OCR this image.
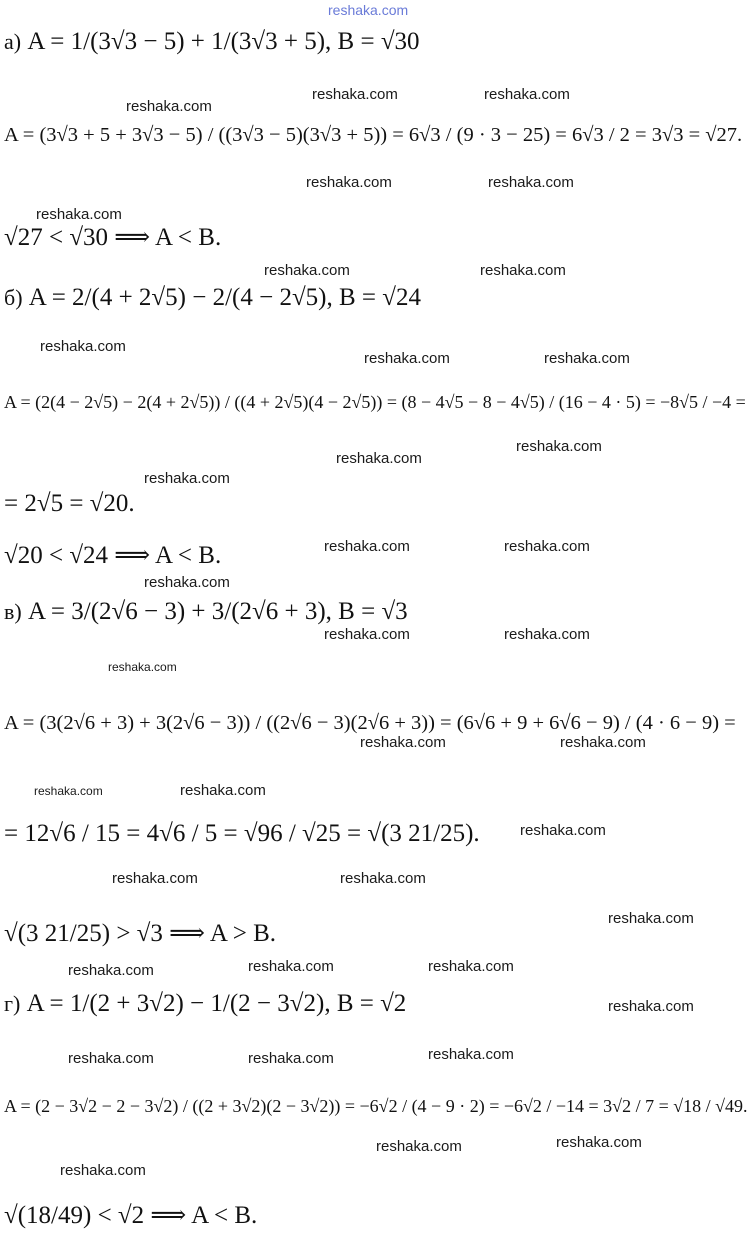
reshaka.com
а) A = 1/(3√3 − 5) + 1/(3√3 + 5), B = √30
A = (3√3 + 5 + 3√3 − 5) / ((3√3 − 5)(3√3 + 5)) = 6√3 / (9 · 3 − 25) = 6√3 / 2 = 3√3 = √27.
√27 < √30 ⟹ A < B.
б) A = 2/(4 + 2√5) − 2/(4 − 2√5), B = √24
A = (2(4 − 2√5) − 2(4 + 2√5)) / ((4 + 2√5)(4 − 2√5)) = (8 − 4√5 − 8 − 4√5) / (16 − 4 · 5) = −8√5 / −4 =
= 2√5 = √20.
√20 < √24 ⟹ A < B.
в) A = 3/(2√6 − 3) + 3/(2√6 + 3), B = √3
A = (3(2√6 + 3) + 3(2√6 − 3)) / ((2√6 − 3)(2√6 + 3)) = (6√6 + 9 + 6√6 − 9) / (4 · 6 − 9) =
= 12√6 / 15 = 4√6 / 5 = √96 / √25 = √(3 21/25).
√(3 21/25) > √3 ⟹ A > B.
г) A = 1/(2 + 3√2) − 1/(2 − 3√2), B = √2
A = (2 − 3√2 − 2 − 3√2) / ((2 + 3√2)(2 − 3√2)) = −6√2 / (4 − 9 · 2) = −6√2 / −14 = 3√2 / 7 = √18 / √49.
√(18/49) < √2 ⟹ A < B.
reshaka.com
reshaka.com	reshaka.com
reshaka.com	reshaka.com
reshaka.com
reshaka.com	reshaka.com
reshaka.com
reshaka.com	reshaka.com
reshaka.com
reshaka.com
reshaka.com
reshaka.com	reshaka.com
reshaka.com
reshaka.com	reshaka.com
reshaka.com
reshaka.com	reshaka.com
reshaka.com	reshaka.com
reshaka.com
reshaka.com	reshaka.com
reshaka.com
reshaka.com	reshaka.com	reshaka.com
reshaka.com
reshaka.com	reshaka.com	reshaka.com
reshaka.com	reshaka.com
reshaka.com
